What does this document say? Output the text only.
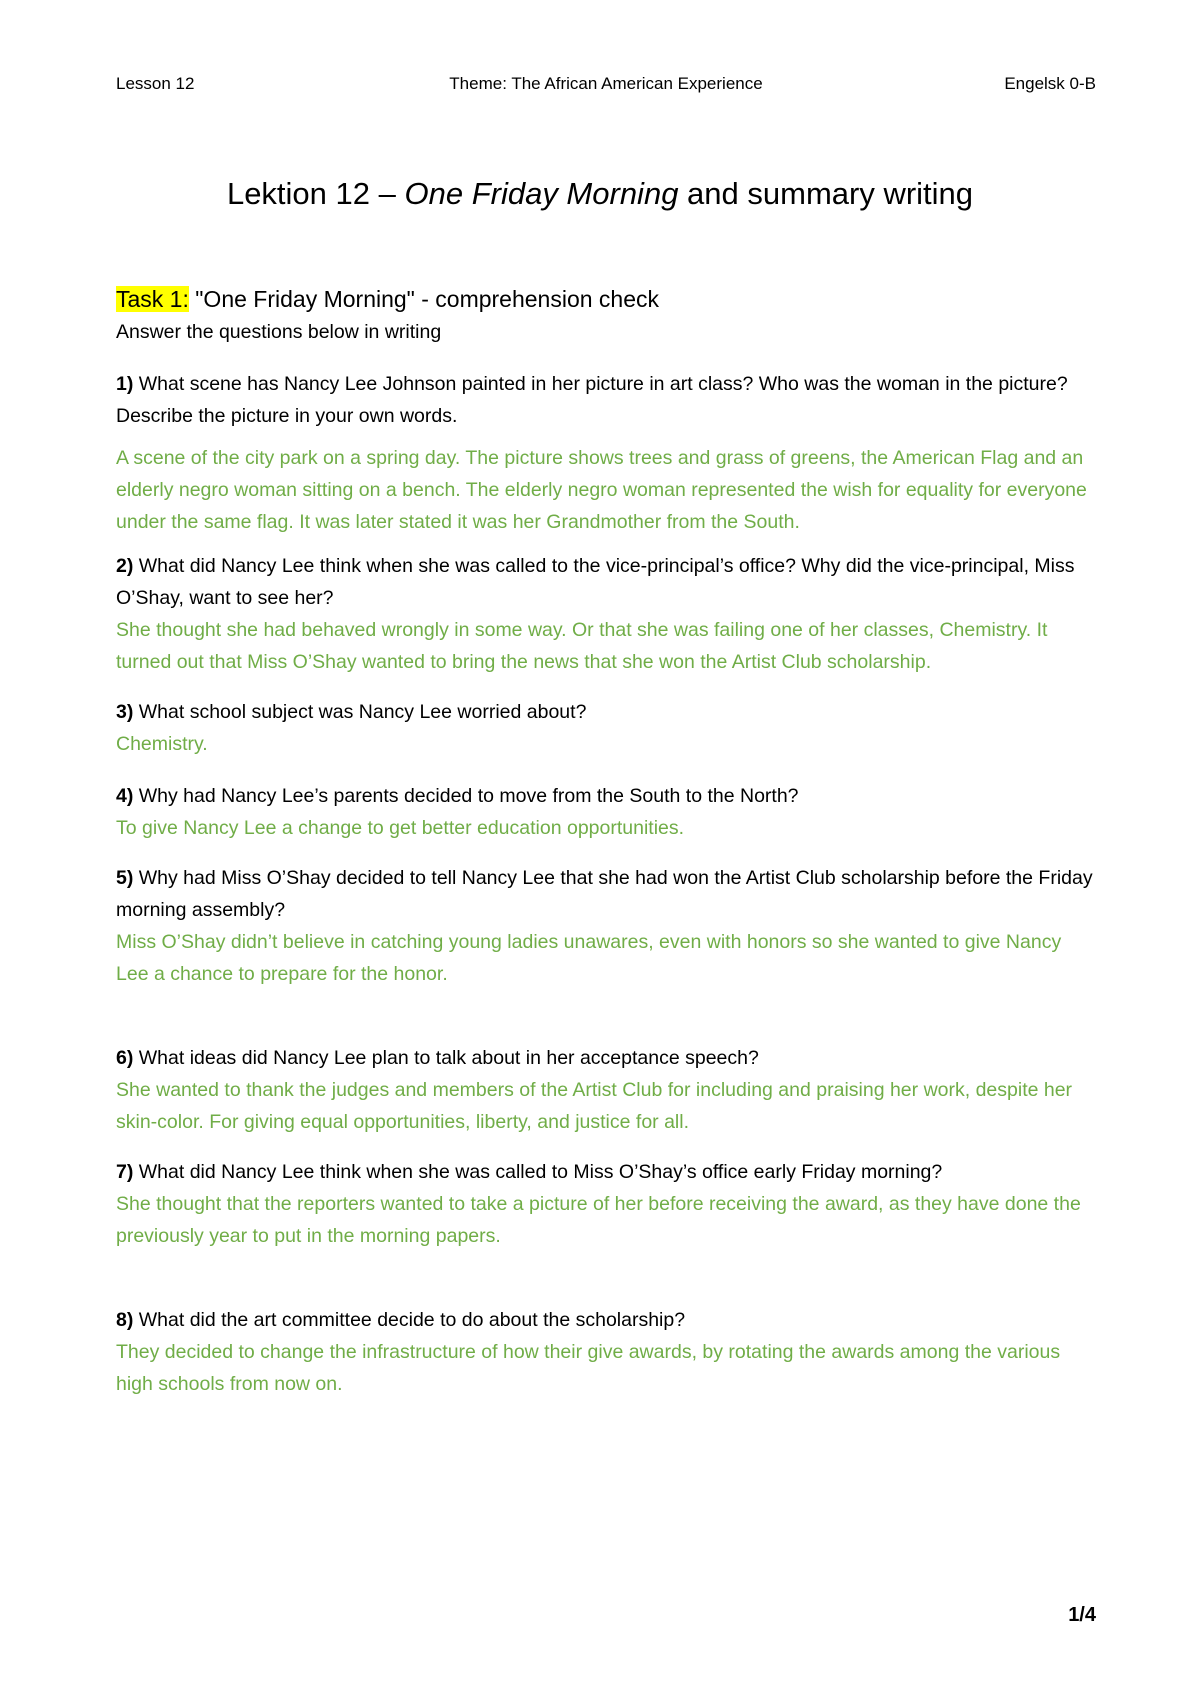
Lesson 12	Theme: The African American Experience	Engelsk 0-B
Lektion 12 – One Friday Morning and summary writing

Task 1: "One Friday Morning" - comprehension check

Answer the questions below in writing

1) What scene has Nancy Lee Johnson painted in her picture in art class? Who was the woman in the picture? Describe the picture in your own words.

A scene of the city park on a spring day. The picture shows trees and grass of greens, the American Flag and an elderly negro woman sitting on a bench. The elderly negro woman represented the wish for equality for everyone under the same flag. It was later stated it was her Grandmother from the South.

2) What did Nancy Lee think when she was called to the vice-principal’s office? Why did the vice-principal, Miss O’Shay, want to see her?

She thought she had behaved wrongly in some way. Or that she was failing one of her classes, Chemistry. It turned out that Miss O’Shay wanted to bring the news that she won the Artist Club scholarship.

3) What school subject was Nancy Lee worried about?

Chemistry.

4) Why had Nancy Lee’s parents decided to move from the South to the North?

To give Nancy Lee a change to get better education opportunities.

5) Why had Miss O’Shay decided to tell Nancy Lee that she had won the Artist Club scholarship before the Friday morning assembly?

Miss O’Shay didn’t believe in catching young ladies unawares, even with honors so she wanted to give Nancy Lee a chance to prepare for the honor.

6) What ideas did Nancy Lee plan to talk about in her acceptance speech?

She wanted to thank the judges and members of the Artist Club for including and praising her work, despite her skin-color. For giving equal opportunities, liberty, and justice for all.

7) What did Nancy Lee think when she was called to Miss O’Shay’s office early Friday morning?

She thought that the reporters wanted to take a picture of her before receiving the award, as they have done the previously year to put in the morning papers.

8) What did the art committee decide to do about the scholarship?

They decided to change the infrastructure of how their give awards, by rotating the awards among the various high schools from now on.

1/4
